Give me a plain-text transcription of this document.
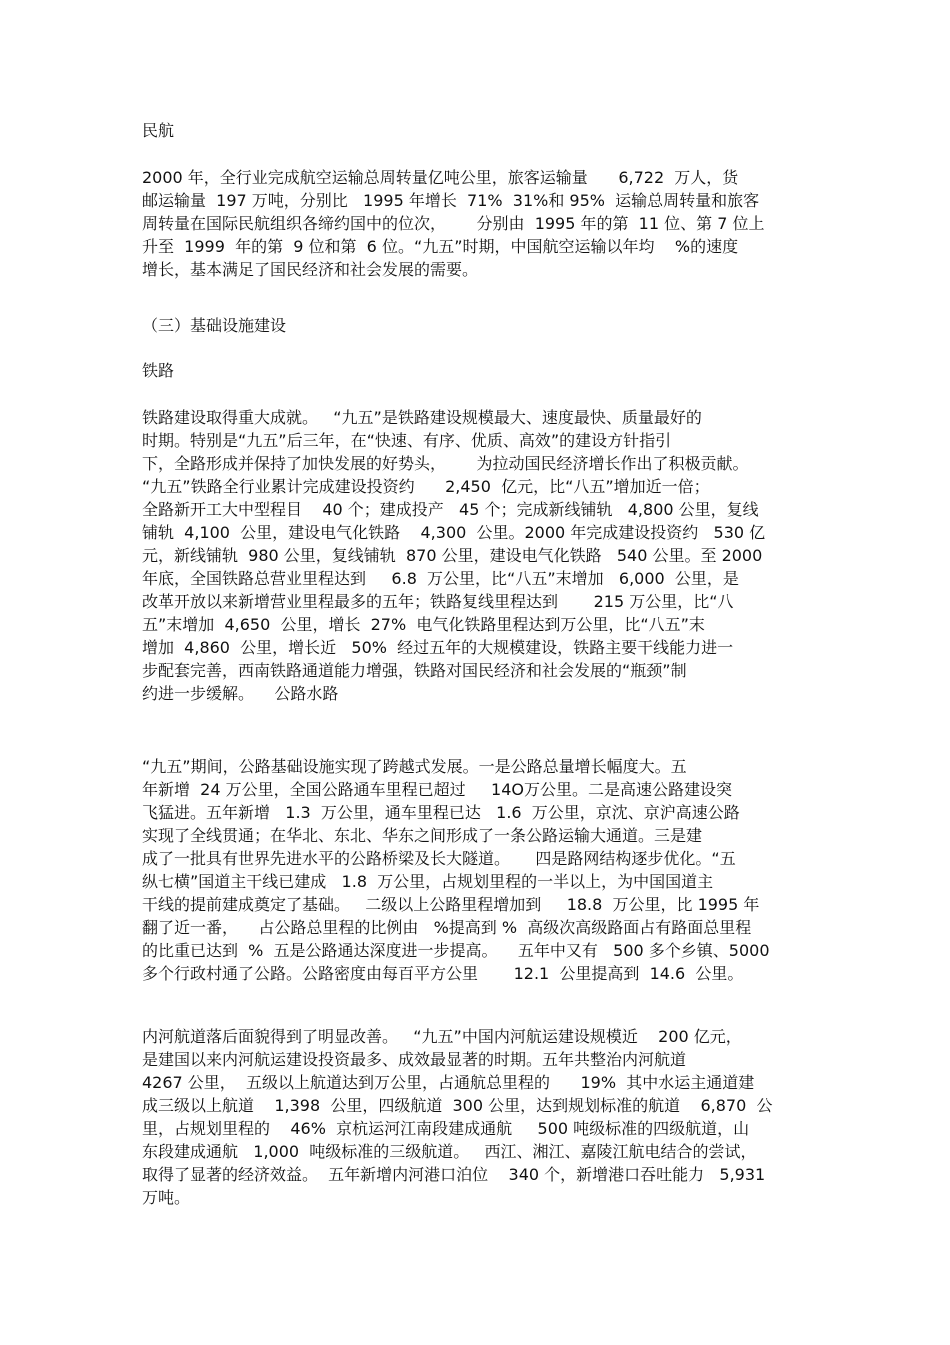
民航
2000 年，全行业完成航空运输总周转量亿吨公里，旅客运输量      6,722  万人，货
邮运输量  197 万吨，分别比   1995 年增长  71%  31%和 95%  运输总周转量和旅客
周转量在国际民航组织各缔约国中的位次，      分别由  1995 年的第  11 位、第 7 位上
升至  1999  年的第  9 位和第  6 位。“九五”时期，中国航空运输以年均    %的速度
增长，基本满足了国民经济和社会发展的需要。
（三）基础设施建设
铁路
铁路建设取得重大成就。   “九五”是铁路建设规模最大、速度最快、质量最好的
时期。特别是“九五”后三年，在“快速、有序、优质、高效”的建设方针指引
下，全路形成并保持了加快发展的好势头，      为拉动国民经济增长作出了积极贡献。
“九五”铁路全行业累计完成建设投资约      2,450  亿元，比“八五”增加近一倍；
全路新开工大中型程目    40 个；建成投产   45 个；完成新线铺轨   4,800 公里，复线
铺轨  4,100  公里，建设电气化铁路    4,300  公里。2000 年完成建设投资约   530 亿
元，新线铺轨  980 公里，复线铺轨  870 公里，建设电气化铁路   540 公里。至 2000
年底，全国铁路总营业里程达到     6.8  万公里，比“八五”末增加   6,000  公里，是
改革开放以来新增营业里程最多的五年；铁路复线里程达到       215 万公里，比“八
五”末增加  4,650  公里，增长  27%  电气化铁路里程达到万公里，比“八五”末
增加  4,860  公里，增长近   50%  经过五年的大规模建设，铁路主要干线能力进一
步配套完善，西南铁路通道能力增强，铁路对国民经济和社会发展的“瓶颈”制
约进一步缓解。    公路水路
“九五”期间，公路基础设施实现了跨越式发展。一是公路总量增长幅度大。五
年新增  24 万公里，全国公路通车里程已超过     14O万公里。二是高速公路建设突
飞猛进。五年新增   1.3  万公里，通车里程已达   1.6  万公里，京沈、京沪高速公路
实现了全线贯通；在华北、东北、华东之间形成了一条公路运输大通道。三是建
成了一批具有世界先进水平的公路桥梁及长大隧道。     四是路网结构逐步优化。“五
纵七横”国道主干线已建成   1.8  万公里，占规划里程的一半以上，为中国国道主
干线的提前建成奠定了基础。   二级以上公路里程增加到     18.8  万公里，比 1995 年
翻了近一番，    占公路总里程的比例由   %提高到 %  高级次高级路面占有路面总里程
的比重已达到  %  五是公路通达深度进一步提高。    五年中又有   500 多个乡镇、5000
多个行政村通了公路。公路密度由每百平方公里       12.1  公里提高到  14.6  公里。
内河航道落后面貌得到了明显改善。   “九五”中国内河航运建设规模近    200 亿元，
是建国以来内河航运建设投资最多、成效最显著的时期。五年共整治内河航道
4267 公里，  五级以上航道达到万公里，占通航总里程的      19%  其中水运主通道建
成三级以上航道    1,398  公里，四级航道  300 公里，达到规划标准的航道    6,870  公
里，占规划里程的    46%  京杭运河江南段建成通航     500 吨级标准的四级航道，山
东段建成通航   1,000  吨级标准的三级航道。   西江、湘江、嘉陵江航电结合的尝试，
取得了显著的经济效益。  五年新增内河港口泊位    340 个，新增港口吞吐能力   5,931
万吨。
